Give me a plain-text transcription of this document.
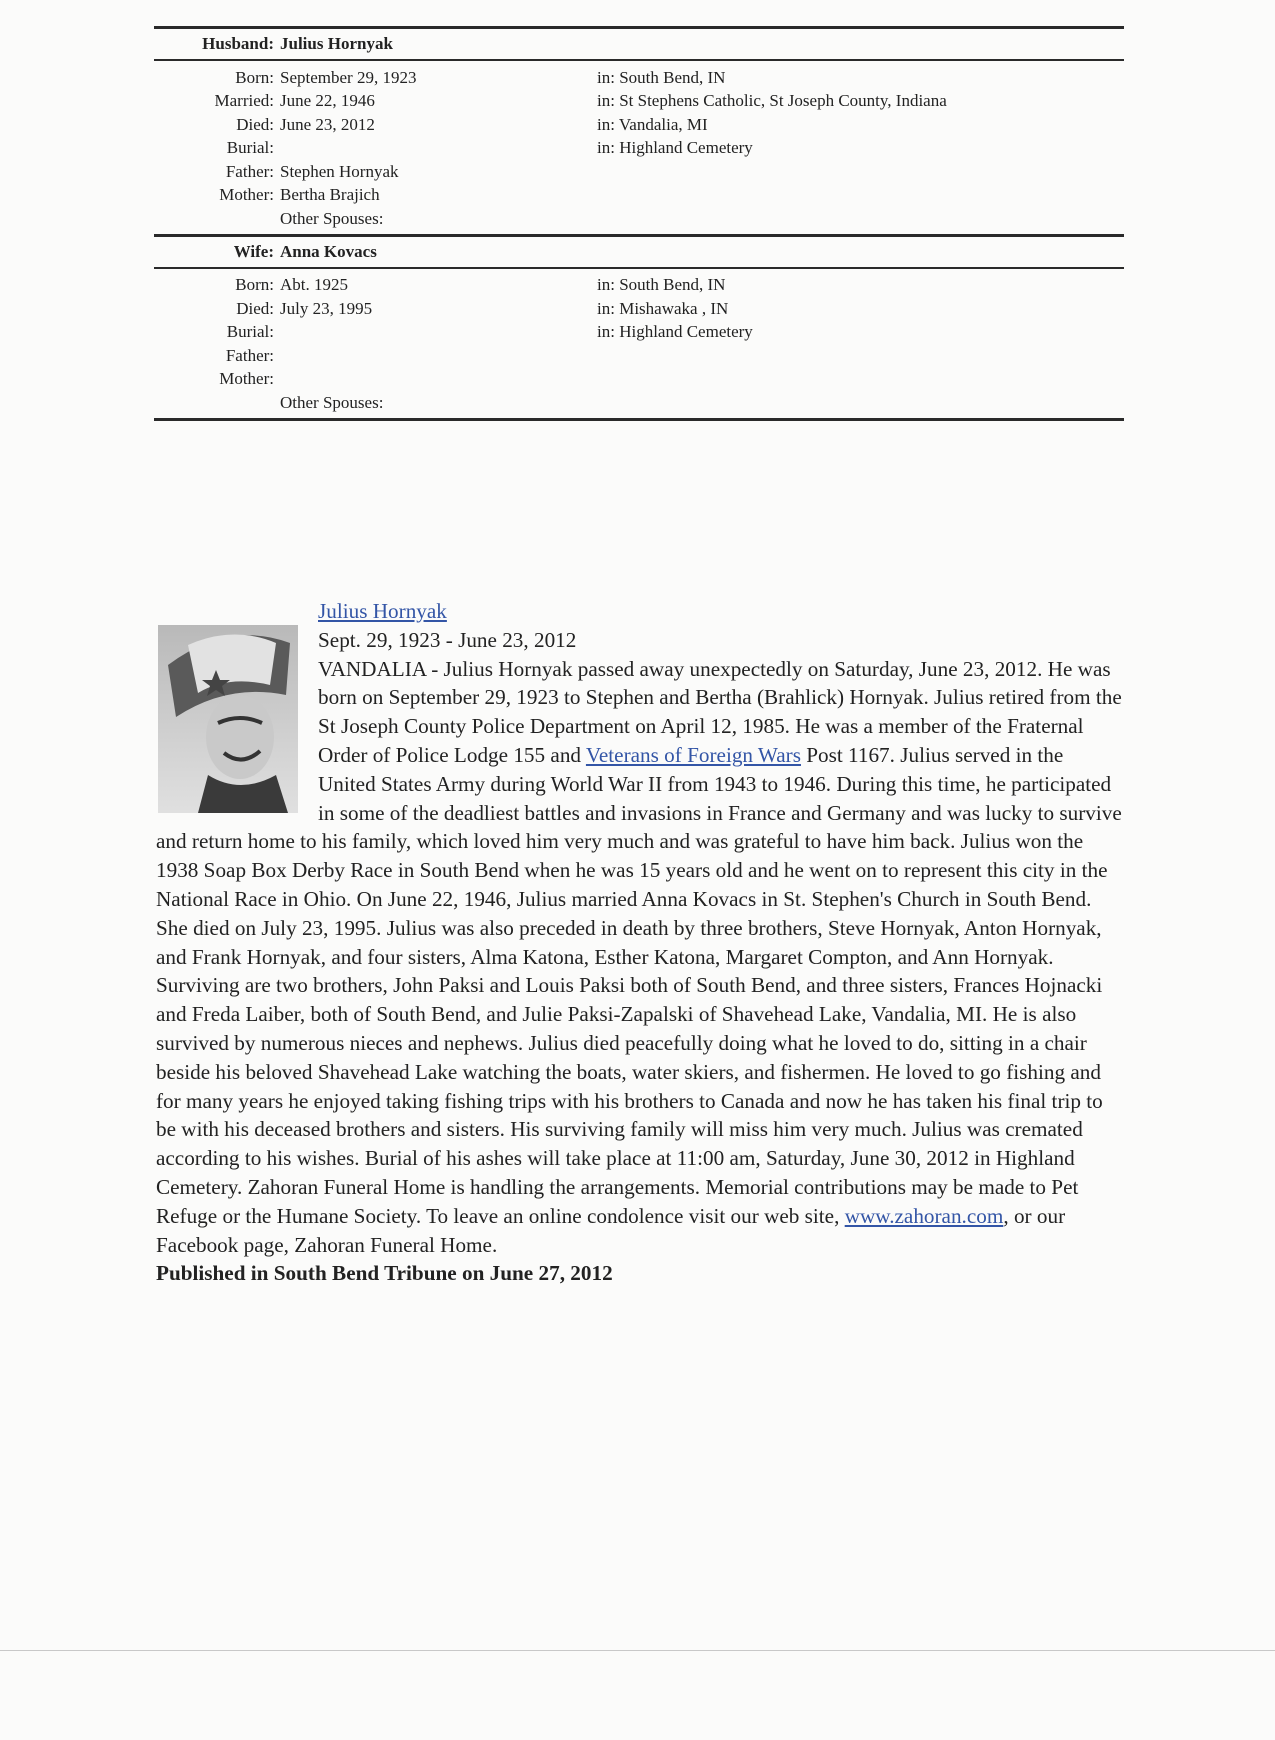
Husband: Julius Hornyak
Born: September 29, 1923	in: South Bend, IN
Married: June 22, 1946	in: St Stephens Catholic, St Joseph County, Indiana
Died: June 23, 2012	in: Vandalia, MI
Burial:	in: Highland Cemetery
Father: Stephen Hornyak
Mother: Bertha Brajich
Other Spouses:
Wife: Anna Kovacs
Born: Abt. 1925	in: South Bend, IN
Died: July 23, 1995	in: Mishawaka , IN
Burial:	in: Highland Cemetery
Father:
Mother:
Other Spouses:

Julius Hornyak
Sept. 29, 1923 - June 23, 2012
VANDALIA - Julius Hornyak passed away unexpectedly on Saturday, June 23, 2012. He was born on September 29, 1923 to Stephen and Bertha (Brahlick) Hornyak. Julius retired from the St Joseph County Police Department on April 12, 1985. He was a member of the Fraternal Order of Police Lodge 155 and Veterans of Foreign Wars Post 1167. Julius served in the United States Army during World War II from 1943 to 1946. During this time, he participated in some of the deadliest battles and invasions in France and Germany and was lucky to survive and return home to his family, which loved him very much and was grateful to have him back. Julius won the 1938 Soap Box Derby Race in South Bend when he was 15 years old and he went on to represent this city in the National Race in Ohio. On June 22, 1946, Julius married Anna Kovacs in St. Stephen's Church in South Bend. She died on July 23, 1995. Julius was also preceded in death by three brothers, Steve Hornyak, Anton Hornyak, and Frank Hornyak, and four sisters, Alma Katona, Esther Katona, Margaret Compton, and Ann Hornyak. Surviving are two brothers, John Paksi and Louis Paksi both of South Bend, and three sisters, Frances Hojnacki and Freda Laiber, both of South Bend, and Julie Paksi-Zapalski of Shavehead Lake, Vandalia, MI. He is also survived by numerous nieces and nephews. Julius died peacefully doing what he loved to do, sitting in a chair beside his beloved Shavehead Lake watching the boats, water skiers, and fishermen. He loved to go fishing and for many years he enjoyed taking fishing trips with his brothers to Canada and now he has taken his final trip to be with his deceased brothers and sisters. His surviving family will miss him very much. Julius was cremated according to his wishes. Burial of his ashes will take place at 11:00 am, Saturday, June 30, 2012 in Highland Cemetery. Zahoran Funeral Home is handling the arrangements. Memorial contributions may be made to Pet Refuge or the Humane Society. To leave an online condolence visit our web site, www.zahoran.com, or our Facebook page, Zahoran Funeral Home.

Published in South Bend Tribune on June 27, 2012
